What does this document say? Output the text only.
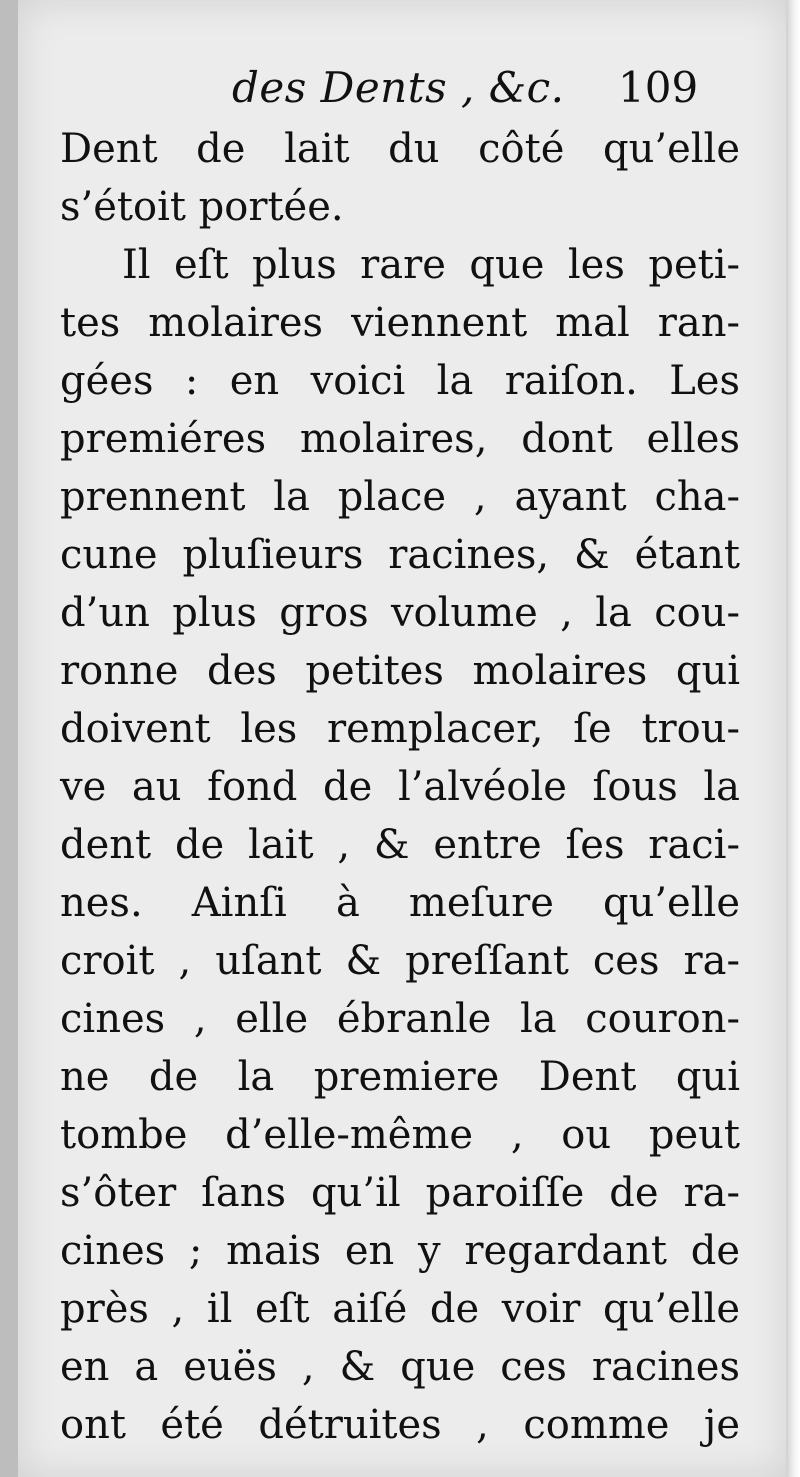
des Dents , &c. 109
Dent de lait du côté qu’elle
s’étoit portée.
Il eſt plus rare que les peti-
tes molaires viennent mal ran-
gées : en voici la raiſon. Les
premiéres molaires, dont elles
prennent la place , ayant cha-
cune pluſieurs racines, & étant
d’un plus gros volume , la cou-
ronne des petites molaires qui
doivent les remplacer, ſe trou-
ve au fond de l’alvéole ſous la
dent de lait , & entre ſes raci-
nes. Ainſi à meſure qu’elle
croit , uſant & preſſant ces ra-
cines , elle ébranle la couron-
ne de la premiere Dent qui
tombe d’elle-même , ou peut
s’ôter ſans qu’il paroiſſe de ra-
cines ; mais en y regardant de
près , il eſt aiſé de voir qu’elle
en a euës , & que ces racines
ont été détruites , comme je
